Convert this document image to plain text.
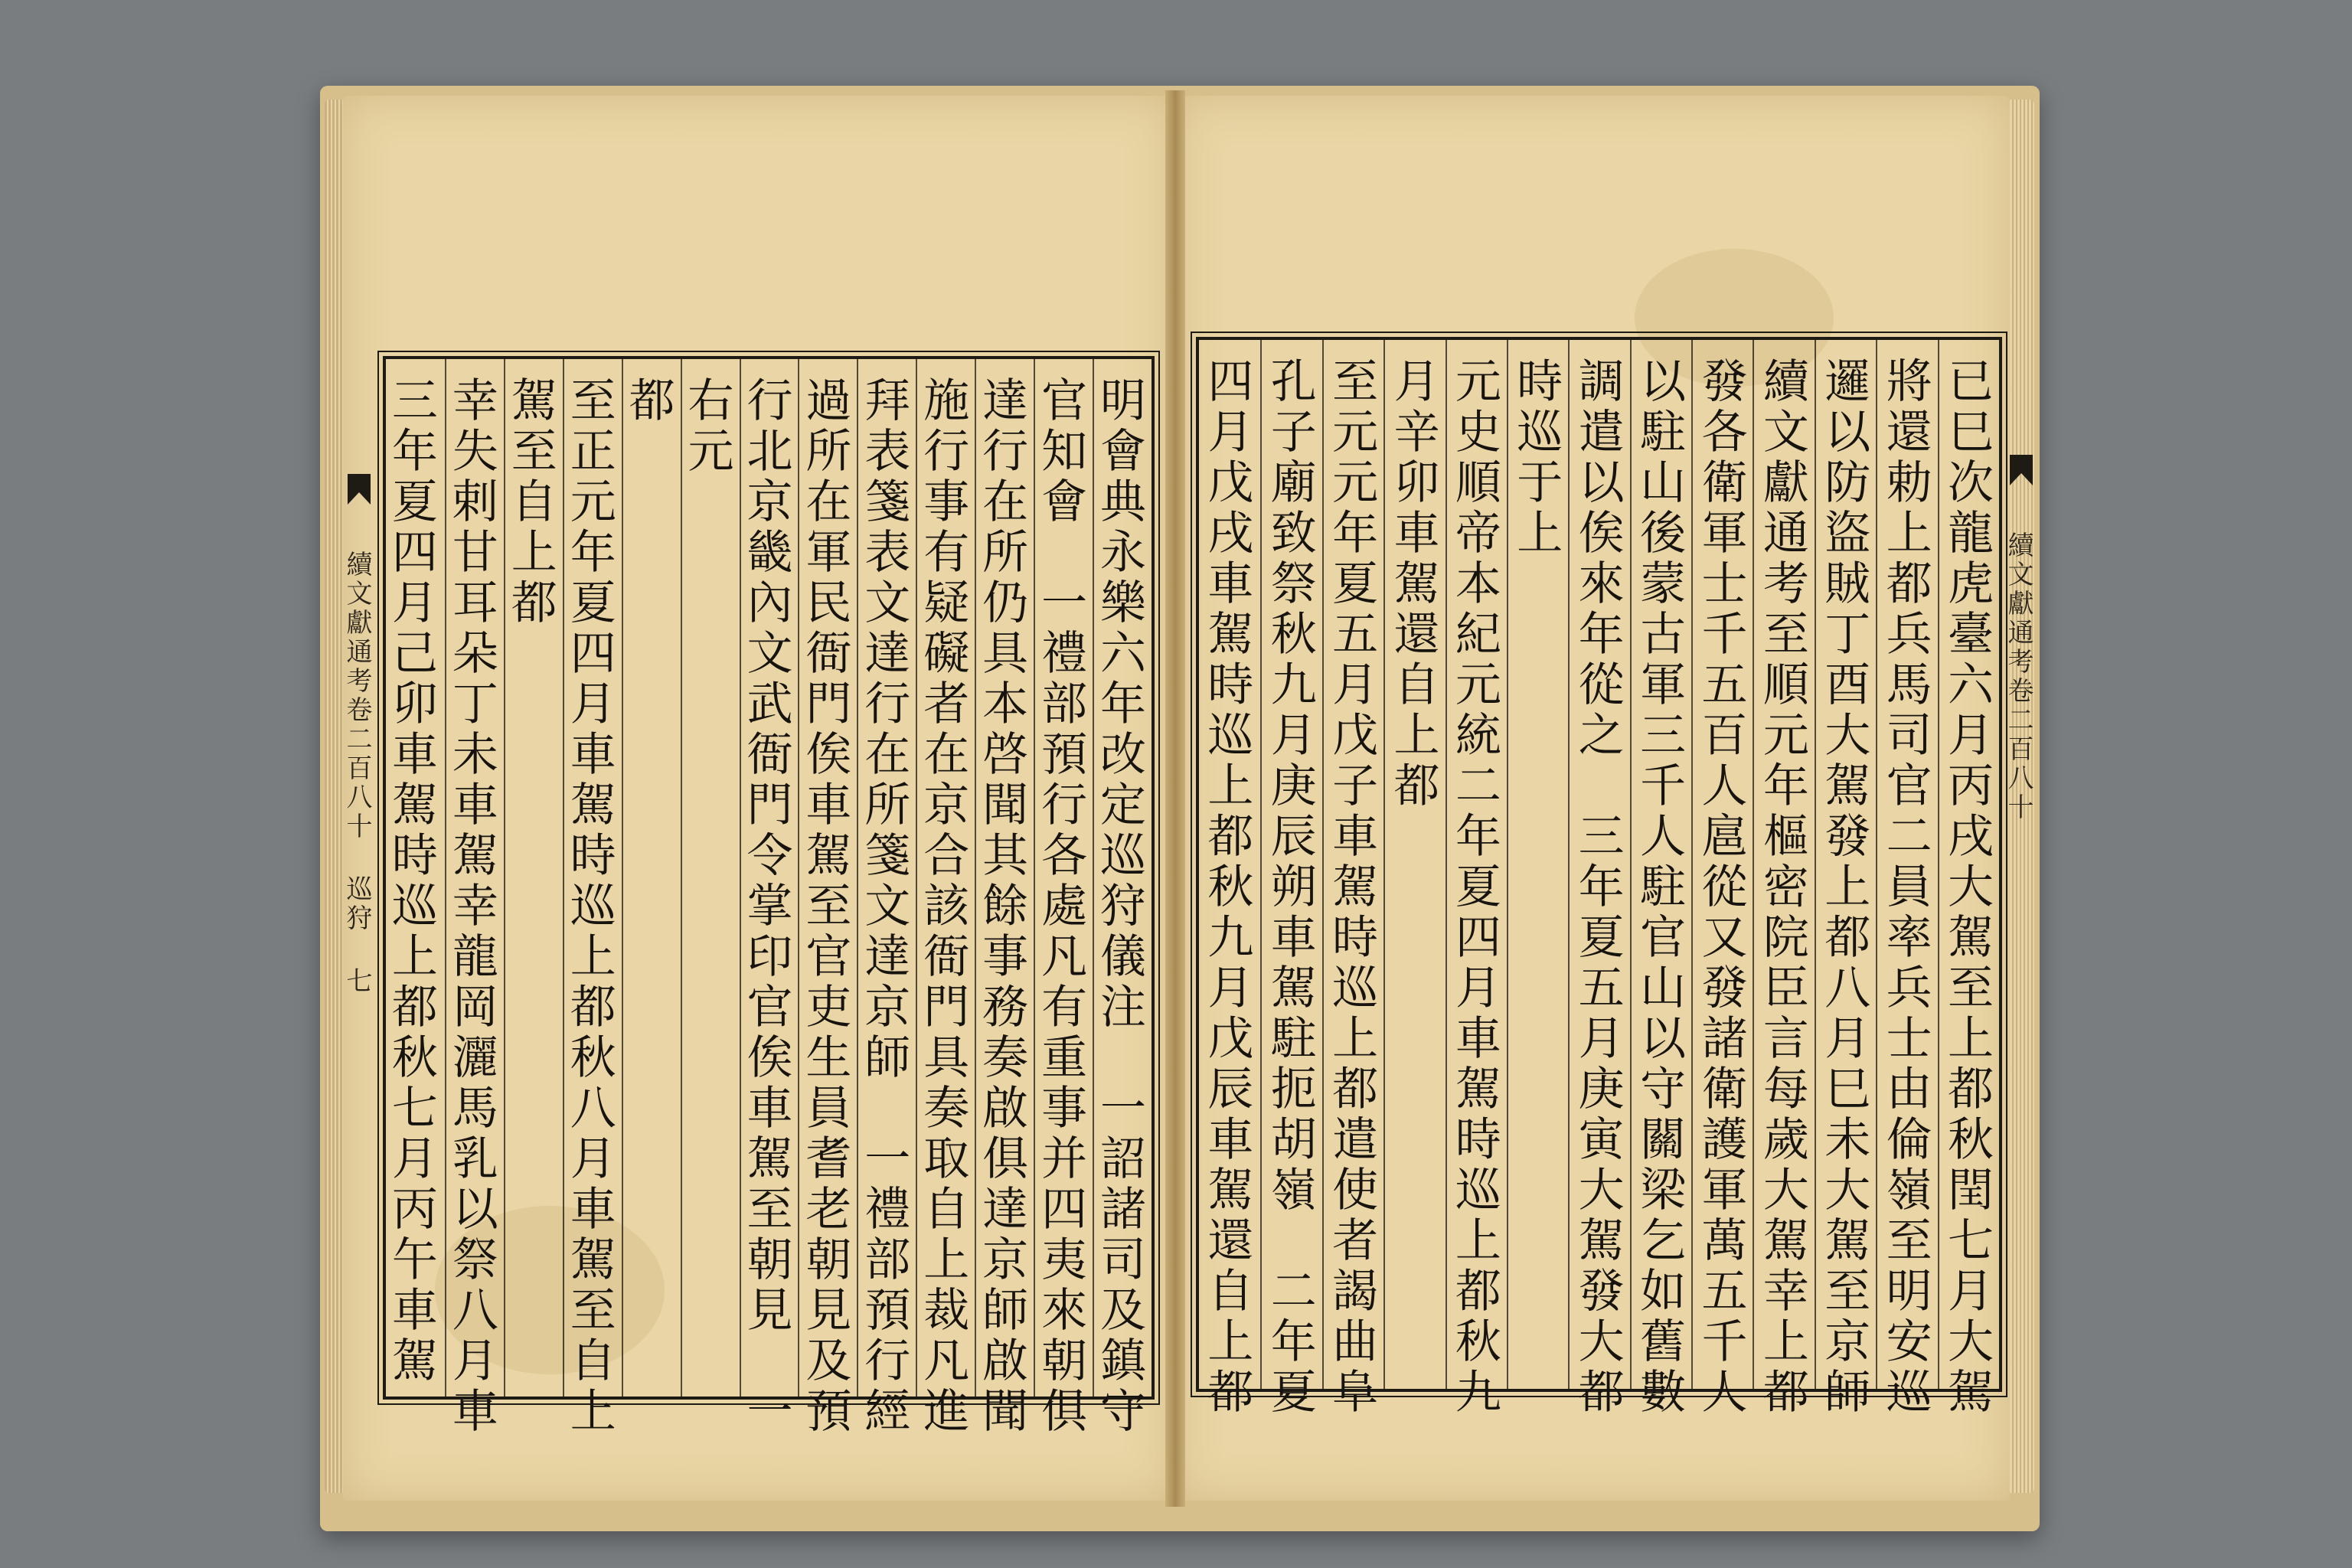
明會典永樂六年改定巡狩儀注　一詔諸司及鎮守
官知會　一禮部預行各處凡有重事并四夷來朝俱
達行在所仍具本啓聞其餘事務奏啟俱達京師啟聞
施行事有疑礙者在京合該衙門具奏取自上裁凡進
拜表箋表文達行在所箋文達京師　一禮部預行經
過所在軍民衙門俟車駕至官吏生員耆老朝見及預
行北京畿內文武衙門令掌印官俟車駕至朝見　一
右元
都
至正元年夏四月車駕時巡上都秋八月車駕至自上
駕至自上都
幸失剌甘耳朵丁未車駕幸龍岡灑馬乳以祭八月車
三年夏四月己卯車駕時巡上都秋七月丙午車駕
續文獻通考卷二百八十 巡狩 七	已巳次龍虎臺六月丙戌大駕至上都秋閏七月大駕
將還勅上都兵馬司官二員率兵士由倫嶺至明安巡
邏以防盜賊丁酉大駕發上都八月巳未大駕至京師
續文獻通考至順元年樞密院臣言每歲大駕幸上都
發各衛軍士千五百人扈從又發諸衛護軍萬五千人
以駐山後蒙古軍三千人駐官山以守關梁乞如舊數
調遣以俟來年從之　三年夏五月庚寅大駕發大都
時巡于上
元史順帝本紀元統二年夏四月車駕時巡上都秋九
月辛卯車駕還自上都
至元元年夏五月戊子車駕時巡上都遣使者謁曲阜
孔子廟致祭秋九月庚辰朔車駕駐扼胡嶺　二年夏
四月戊戌車駕時巡上都秋九月戊辰車駕還自上都	續文獻通考卷二百八十
